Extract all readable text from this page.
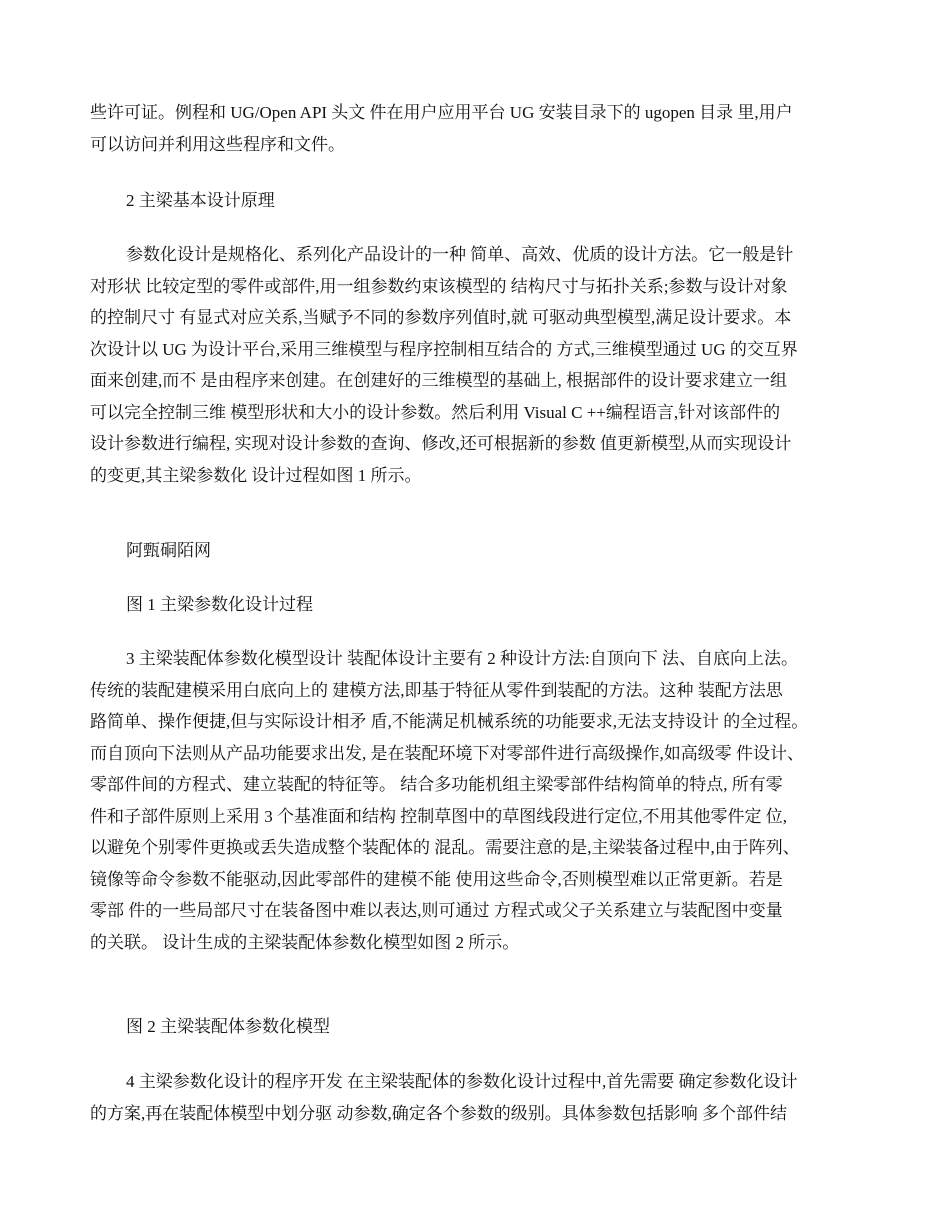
些许可证。例程和 UG/Open API 头文 件在用户应用平台 UG 安装目录下的 ugopen 目录 里,用户
可以访问并利用这些程序和文件。
2 主梁基本设计原理
参数化设计是规格化、系列化产品设计的一种 简单、高效、优质的设计方法。它一般是针
对形状 比较定型的零件或部件,用一组参数约束该模型的 结构尺寸与拓扑关系;参数与设计对象
的控制尺寸 有显式对应关系,当赋予不同的参数序列值时,就 可驱动典型模型,满足设计要求。本
次设计以 UG 为设计平台,采用三维模型与程序控制相互结合的 方式,三维模型通过 UG 的交互界
面来创建,而不 是由程序来创建。在创建好的三维模型的基础上, 根据部件的设计要求建立一组
可以完全控制三维 模型形状和大小的设计参数。然后利用 Visual C ++编程语言,针对该部件的
设计参数进行编程, 实现对设计参数的查询、修改,还可根据新的参数 值更新模型,从而实现设计
的变更,其主梁参数化 设计过程如图 1 所示。
阿甄硐陌网
图 1 主梁参数化设计过程
3 主梁装配体参数化模型设计 装配体设计主要有 2 种设计方法:自顶向下 法、自底向上法。
传统的装配建模采用白底向上的 建模方法,即基于特征从零件到装配的方法。这种 装配方法思
路简单、操作便捷,但与实际设计相矛 盾,不能满足机械系统的功能要求,无法支持设计 的全过程。
而自顶向下法则从产品功能要求出发, 是在装配环境下对零部件进行高级操作,如高级零 件设计、
零部件间的方程式、建立装配的特征等。 结合多功能机组主梁零部件结构简单的特点, 所有零
件和子部件原则上采用 3 个基准面和结构 控制草图中的草图线段进行定位,不用其他零件定 位,
以避免个别零件更换或丢失造成整个装配体的 混乱。需要注意的是,主梁装备过程中,由于阵列、
镜像等命令参数不能驱动,因此零部件的建模不能 使用这些命令,否则模型难以正常更新。若是
零部 件的一些局部尺寸在装备图中难以表达,则可通过 方程式或父子关系建立与装配图中变量
的关联。 设计生成的主梁装配体参数化模型如图 2 所示。
图 2 主梁装配体参数化模型
4 主梁参数化设计的程序开发 在主梁装配体的参数化设计过程中,首先需要 确定参数化设计
的方案,再在装配体模型中划分驱 动参数,确定各个参数的级别。具体参数包括影响 多个部件结
